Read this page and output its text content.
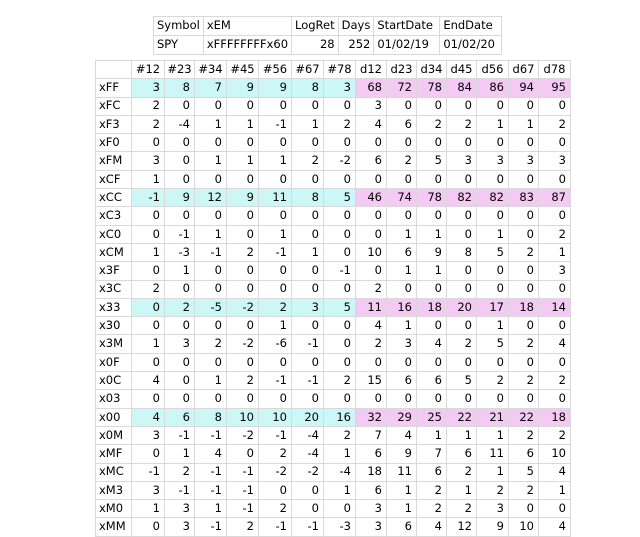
Symbol	xEM	LogRet	Days	StartDate	EndDate
SPY	xFFFFFFFFx60	28	252	01/02/19	01/02/20
	#12	#23	#34	#45	#56	#67	#78	d12	d23	d34	d45	d56	d67	d78
xFF	3	8	7	9	9	8	3	68	72	78	84	86	94	95
xFC	2	0	0	0	0	0	0	3	0	0	0	0	0	0
xF3	2	-4	1	1	-1	1	2	4	6	2	2	1	1	2
xF0	0	0	0	0	0	0	0	0	0	0	0	0	0	0
xFM	3	0	1	1	1	2	-2	6	2	5	3	3	3	3
xCF	1	0	0	0	0	0	0	0	0	0	0	0	0	0
xCC	-1	9	12	9	11	8	5	46	74	78	82	82	83	87
xC3	0	0	0	0	0	0	0	0	0	0	0	0	0	0
xC0	0	-1	1	0	1	0	0	0	1	1	0	1	0	2
xCM	1	-3	-1	2	-1	1	0	10	6	9	8	5	2	1
x3F	0	1	0	0	0	0	-1	0	1	1	0	0	0	3
x3C	2	0	0	0	0	0	0	2	0	0	0	0	0	0
x33	0	2	-5	-2	2	3	5	11	16	18	20	17	18	14
x30	0	0	0	0	1	0	0	4	1	0	0	1	0	0
x3M	1	3	2	-2	-6	-1	0	2	3	4	2	5	2	4
x0F	0	0	0	0	0	0	0	0	0	0	0	0	0	0
x0C	4	0	1	2	-1	-1	2	15	6	6	5	2	2	2
x03	0	0	0	0	0	0	0	0	0	0	0	0	0	0
x00	4	6	8	10	10	20	16	32	29	25	22	21	22	18
x0M	3	-1	-1	-2	-1	-4	2	7	4	1	1	1	2	2
xMF	0	1	4	0	2	-4	1	6	9	7	6	11	6	10
xMC	-1	2	-1	-1	-2	-2	-4	18	11	6	2	1	5	4
xM3	3	-1	-1	-1	0	0	1	6	1	2	1	2	2	1
xM0	1	3	1	-1	2	0	0	3	1	2	2	3	0	0
xMM	0	3	-1	2	-1	-1	-3	3	6	4	12	9	10	4
